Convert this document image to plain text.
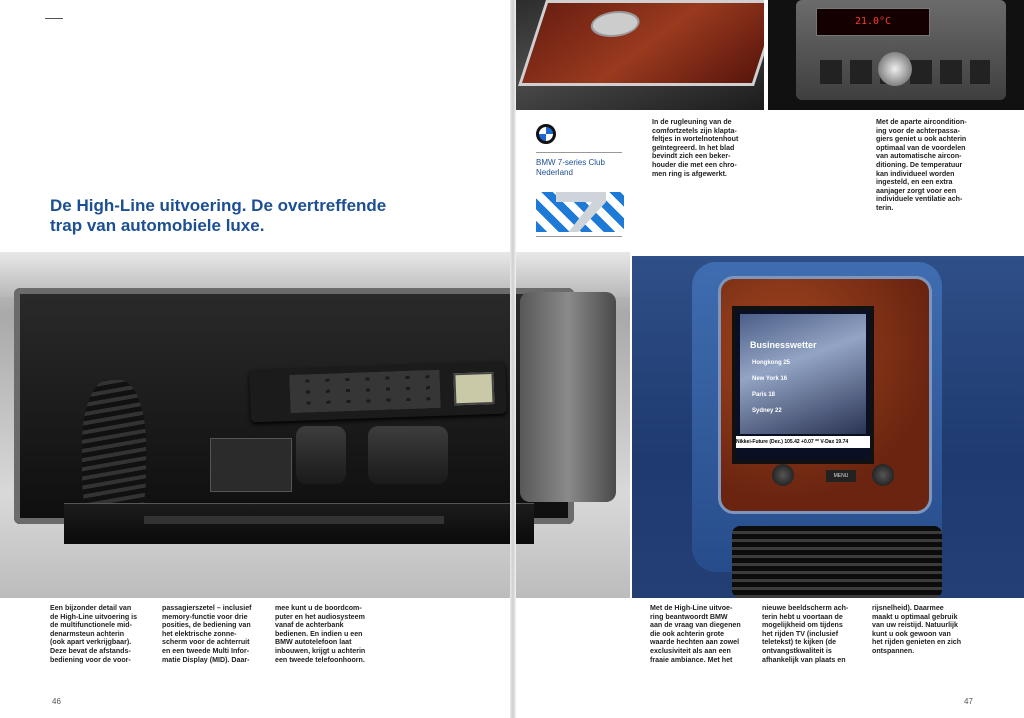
De High-Line uitvoering. De overtreffende
trap van automobiele luxe.
Een bijzonder detail van
de High-Line uitvoering is
de multifunctionele mid-
denarmsteun achterin
(ook apart verkrijgbaar).
Deze bevat de afstands-
bediening voor de voor-
passagierszetel – inclusief
memory-functie voor drie
posities, de bediening van
het elektrische zonne-
scherm voor de achterruit
en een tweede Multi Infor-
matie Display (MID). Daar-
mee kunt u de boordcom-
puter en het audiosysteem
vanaf de achterbank
bedienen. En indien u een
BMW autotelefoon laat
inbouwen, krijgt u achterin
een tweede telefoonhoorn.
46
21.0°C
BMW 7-series Club
Nederland
In de rugleuning van de
comfortzetels zijn klapta-
feltjes in wortelnotenhout
geïntegreerd. In het blad
bevindt zich een beker-
houder die met een chro-
men ring is afgewerkt.
Met de aparte aircondition-
ing voor de achterpassa-
giers geniet u ook achterin
optimaal van de voordelen
van automatische aircon-
ditioning. De temperatuur
kan individueel worden
ingesteld, en een extra
aanjager zorgt voor een
individuele ventilatie ach-
terin.
Businesswetter
Hongkong 25
New York 16
Paris 18
Sydney 22
Nikkei-Future (Dez.) 105.42 +0.07 ** V-Dax 19.74
MENU
Met de High-Line uitvoe-
ring beantwoordt BMW
aan de vraag van diegenen
die ook achterin grote
waarde hechten aan zowel
exclusiviteit als aan een
fraaie ambiance. Met het
nieuwe beeldscherm ach-
terin hebt u voortaan de
mogelijkheid om tijdens
het rijden TV (inclusief
teletekst) te kijken (de
ontvangstkwaliteit is
afhankelijk van plaats en
rijsnelheid). Daarmee
maakt u optimaal gebruik
van uw reistijd. Natuurlijk
kunt u ook gewoon van
het rijden genieten en zich
ontspannen.
47
